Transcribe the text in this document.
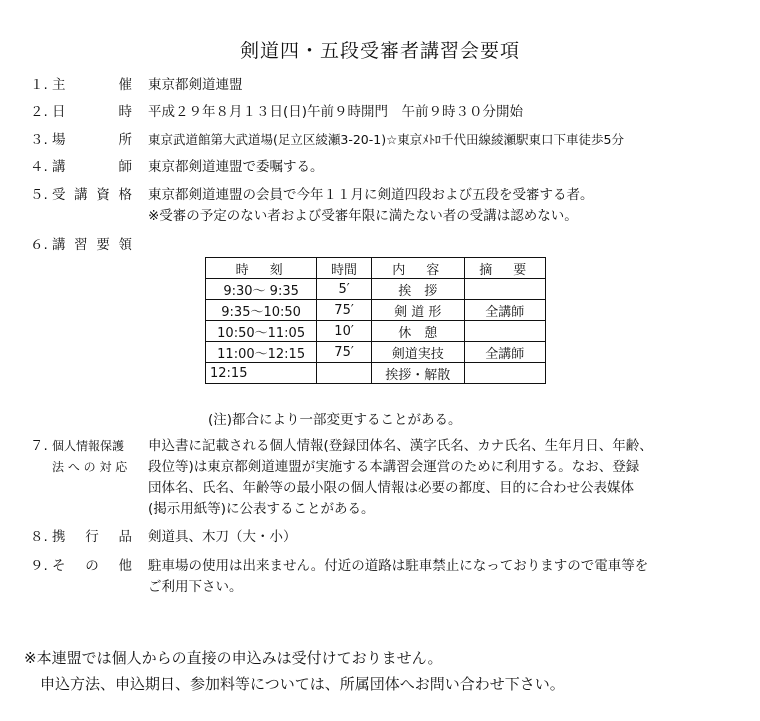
剣道四・五段受審者講習会要項
１. 主	催 東京都剣道連盟
２. 日	時 平成２９年８月１３日(日)午前９時開門　午前９時３０分開始
３. 場	所 東京武道館第大武道場(足立区綾瀬3-20-1)☆東京ﾒﾄﾛ千代田線綾瀬駅東口下車徒歩5分
４. 講	師 東京都剣道連盟で委嘱する。
５. 受 講 資 格 東京都剣道連盟の会員で今年１１月に剣道四段および五段を受審する者。
※受審の予定のない者および受審年限に満たない者の受講は認めない。
６. 講 習 要 領
時　刻	時間	内　容	摘　要
9:30～ 9:35	5′	挨　拶	
9:35～10:50	75′	剣 道 形	全講師
10:50～11:05	10′	休　憩	
11:00～12:15	75′	剣道実技	全講師
12:15		挨拶・解散	
(注)都合により一部変更することがある。
７. 個人情報保護
法 へ の 対 応
申込書に記載される個人情報(登録団体名、漢字氏名、カナ氏名、生年月日、年齢、
段位等)は東京都剣道連盟が実施する本講習会運営のために利用する。なお、登録
団体名、氏名、年齢等の最小限の個人情報は必要の都度、目的に合わせ公表媒体
(掲示用紙等)に公表することがある。
８. 携 行 品 剣道具、木刀（大・小）
９. そ の 他 駐車場の使用は出来ません。付近の道路は駐車禁止になっておりますので電車等を
ご利用下さい。
※本連盟では個人からの直接の申込みは受付けておりません。
申込方法、申込期日、参加料等については、所属団体へお問い合わせ下さい。
